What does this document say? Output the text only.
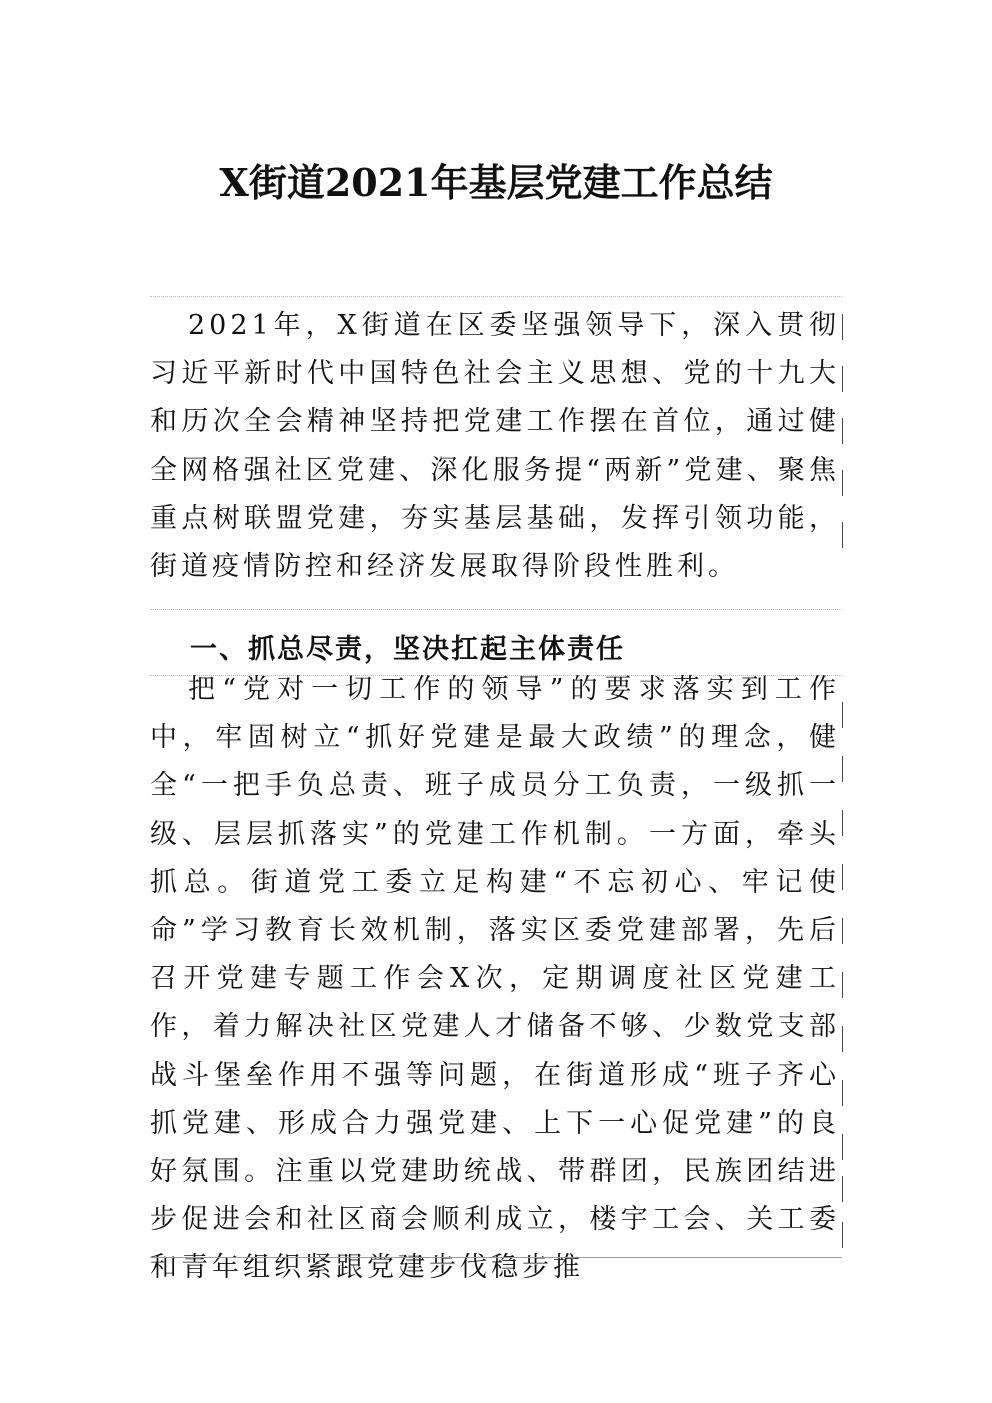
X街道2021年基层党建工作总结
2021年，X街道在区委坚强领导下，深入贯彻习近平新时代中国特色社会主义思想、党的十九大和历次全会精神坚持把党建工作摆在首位，通过健全网格强社区党建、深化服务提“两新”党建、聚焦重点树联盟党建，夯实基层基础，发挥引领功能，街道疫情防控和经济发展取得阶段性胜利。
一、抓总尽责，坚决扛起主体责任
把“党对一切工作的领导”的要求落实到工作中，牢固树立“抓好党建是最大政绩”的理念，健全“一把手负总责、班子成员分工负责，一级抓一级、层层抓落实”的党建工作机制。一方面，牵头抓总。街道党工委立足构建“不忘初心、牢记使命”学习教育长效机制，落实区委党建部署，先后召开党建专题工作会X次，定期调度社区党建工作，着力解决社区党建人才储备不够、少数党支部战斗堡垒作用不强等问题，在街道形成“班子齐心抓党建、形成合力强党建、上下一心促党建”的良好氛围。注重以党建助统战、带群团，民族团结进步促进会和社区商会顺利成立，楼宇工会、关工委和青年组织紧跟党建步伐稳步推
